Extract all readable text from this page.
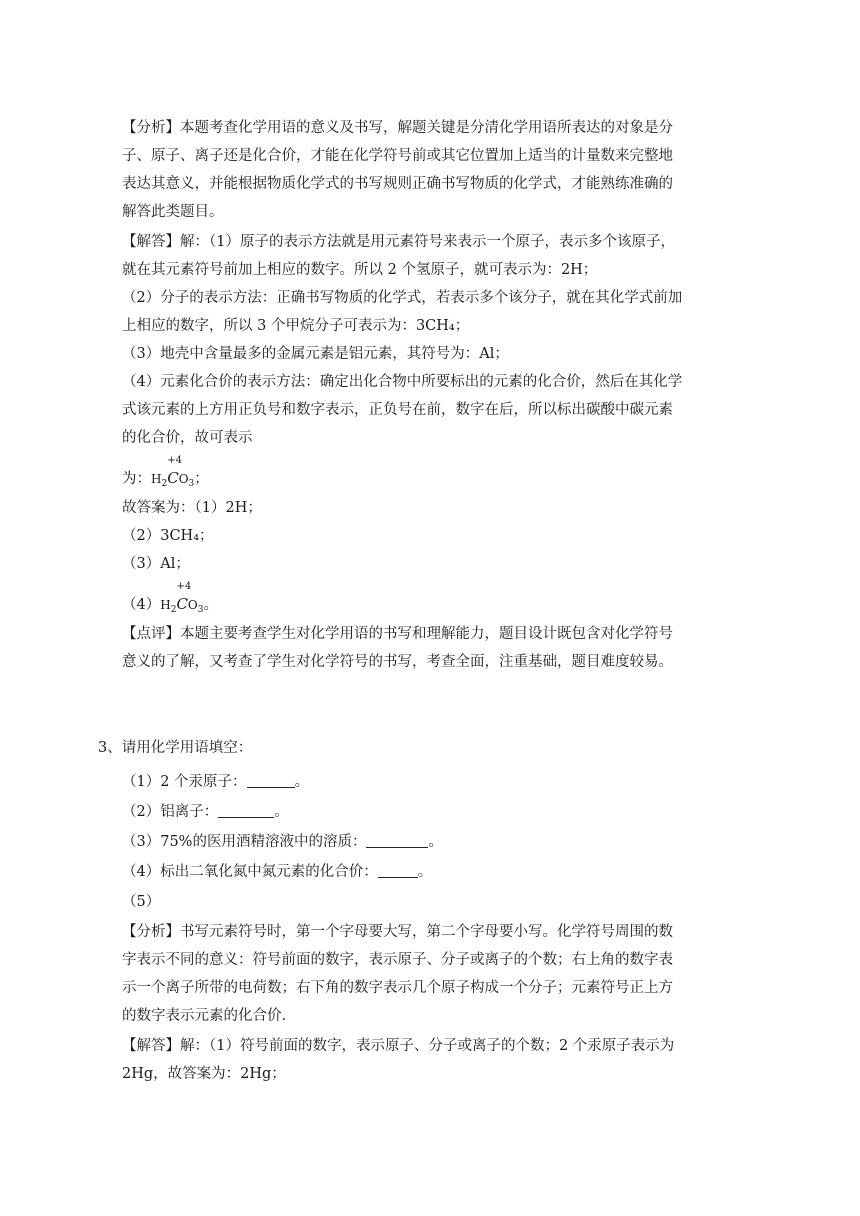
【分析】本题考查化学用语的意义及书写，解题关键是分清化学用语所表达的对象是分
子、原子、离子还是化合价，才能在化学符号前或其它位置加上适当的计量数来完整地
表达其意义，并能根据物质化学式的书写规则正确书写物质的化学式，才能熟练准确的
解答此类题目。
【解答】解：（1）原子的表示方法就是用元素符号来表示一个原子，表示多个该原子，
就在其元素符号前加上相应的数字。所以 2 个氢原子，就可表示为：2H；
（2）分子的表示方法：正确书写物质的化学式，若表示多个该分子，就在其化学式前加
上相应的数字，所以 3 个甲烷分子可表示为：3CH₄；
（3）地壳中含量最多的金属元素是铝元素，其符号为：Al；
（4）元素化合价的表示方法：确定出化合物中所要标出的元素的化合价，然后在其化学
式该元素的上方用正负号和数字表示，正负号在前，数字在后，所以标出碳酸中碳元素
的化合价，故可表示
为：$H_2$
+4
$CO_3$；
故答案为：（1）2H；
（2）3CH₄；
（3）Al；
$(4)H_2$
+4
$CO_3$。
【点评】本题主要考查学生对化学用语的书写和理解能力，题目设计既包含对化学符号
意义的了解，又考查了学生对化学符号的书写，考查全面，注重基础，题目难度较易。
3、请用化学用语填空：
（1）2 个汞原子：	。
（2）铝离子：	。
（3）75%的医用酒精溶液中的溶质：	。
（4）标出二氧化氮中氮元素的化合价：	。
（5）
【分析】书写元素符号时，第一个字母要大写，第二个字母要小写。化学符号周围的数
字表示不同的意义：符号前面的数字，表示原子、分子或离子的个数；右上角的数字表
示一个离子所带的电荷数；右下角的数字表示几个原子构成一个分子；元素符号正上方
的数字表示元素的化合价.
【解答】解：（1）符号前面的数字，表示原子、分子或离子的个数；2 个汞原子表示为
2Hg，故答案为：2Hg；
